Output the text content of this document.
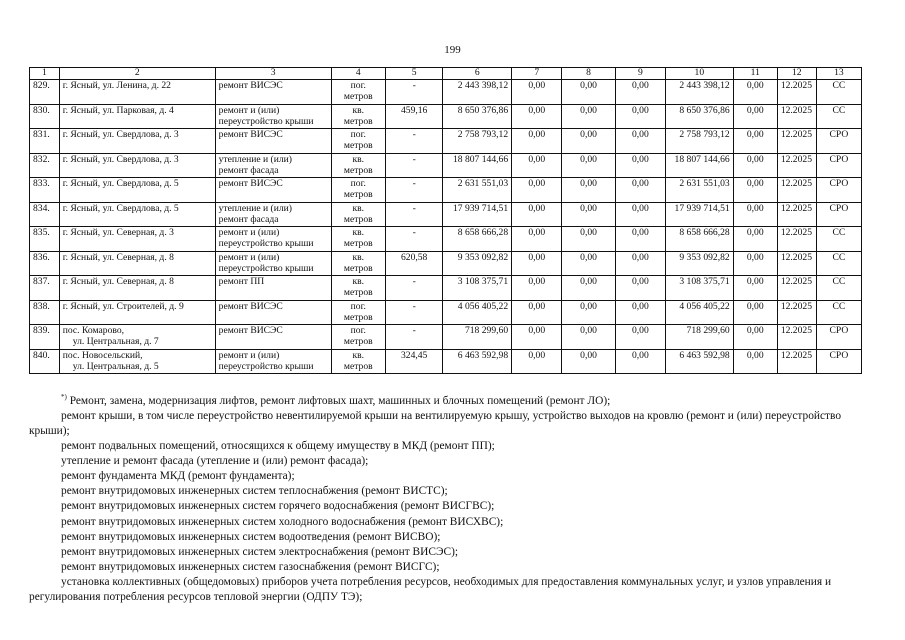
199
1	2	3	4	5	6	7	8	9	10	11	12	13
829.	г. Ясный, ул. Ленина, д. 22	ремонт ВИСЭС	пог.
метров	-	2 443 398,12	0,00	0,00	0,00	2 443 398,12	0,00	12.2025	СС
830.	г. Ясный, ул. Парковая, д. 4	ремонт и (или)
переустройство крыши	кв.
метров	459,16	8 650 376,86	0,00	0,00	0,00	8 650 376,86	0,00	12.2025	СС
831.	г. Ясный, ул. Свердлова, д. 3	ремонт ВИСЭС	пог.
метров	-	2 758 793,12	0,00	0,00	0,00	2 758 793,12	0,00	12.2025	СРО
832.	г. Ясный, ул. Свердлова, д. 3	утепление и (или)
ремонт фасада	кв.
метров	-	18 807 144,66	0,00	0,00	0,00	18 807 144,66	0,00	12.2025	СРО
833.	г. Ясный, ул. Свердлова, д. 5	ремонт ВИСЭС	пог.
метров	-	2 631 551,03	0,00	0,00	0,00	2 631 551,03	0,00	12.2025	СРО
834.	г. Ясный, ул. Свердлова, д. 5	утепление и (или)
ремонт фасада	кв.
метров	-	17 939 714,51	0,00	0,00	0,00	17 939 714,51	0,00	12.2025	СРО
835.	г. Ясный, ул. Северная, д. 3	ремонт и (или)
переустройство крыши	кв.
метров	-	8 658 666,28	0,00	0,00	0,00	8 658 666,28	0,00	12.2025	СС
836.	г. Ясный, ул. Северная, д. 8	ремонт и (или)
переустройство крыши	кв.
метров	620,58	9 353 092,82	0,00	0,00	0,00	9 353 092,82	0,00	12.2025	СС
837.	г. Ясный, ул. Северная, д. 8	ремонт ПП	кв.
метров	-	3 108 375,71	0,00	0,00	0,00	3 108 375,71	0,00	12.2025	СС
838.	г. Ясный, ул. Строителей, д. 9	ремонт ВИСЭС	пог.
метров	-	4 056 405,22	0,00	0,00	0,00	4 056 405,22	0,00	12.2025	СС
839.	пос. Комарово,
ул. Центральная, д. 7	ремонт ВИСЭС	пог.
метров	-	718 299,60	0,00	0,00	0,00	718 299,60	0,00	12.2025	СРО
840.	пос. Новосельский,
ул. Центральная, д. 5	ремонт и (или)
переустройство крыши	кв.
метров	324,45	6 463 592,98	0,00	0,00	0,00	6 463 592,98	0,00	12.2025	СРО

*) Ремонт, замена, модернизация лифтов, ремонт лифтовых шахт, машинных и блочных помещений (ремонт ЛО);

ремонт крыши, в том числе переустройство невентилируемой крыши на вентилируемую крышу, устройство выходов на кровлю (ремонт и (или) переустройство крыши);

ремонт подвальных помещений, относящихся к общему имуществу в МКД (ремонт ПП);

утепление и ремонт фасада (утепление и (или) ремонт фасада);

ремонт фундамента МКД (ремонт фундамента);

ремонт внутридомовых инженерных систем теплоснабжения (ремонт ВИСТС);

ремонт внутридомовых инженерных систем горячего водоснабжения (ремонт ВИСГВС);

ремонт внутридомовых инженерных систем холодного водоснабжения (ремонт ВИСХВС);

ремонт внутридомовых инженерных систем водоотведения (ремонт ВИСВО);

ремонт внутридомовых инженерных систем электроснабжения (ремонт ВИСЭС);

ремонт внутридомовых инженерных систем газоснабжения (ремонт ВИСГС);

установка коллективных (общедомовых) приборов учета потребления ресурсов, необходимых для предоставления коммунальных услуг, и узлов управления и регулирования потребления ресурсов тепловой энергии (ОДПУ ТЭ);
